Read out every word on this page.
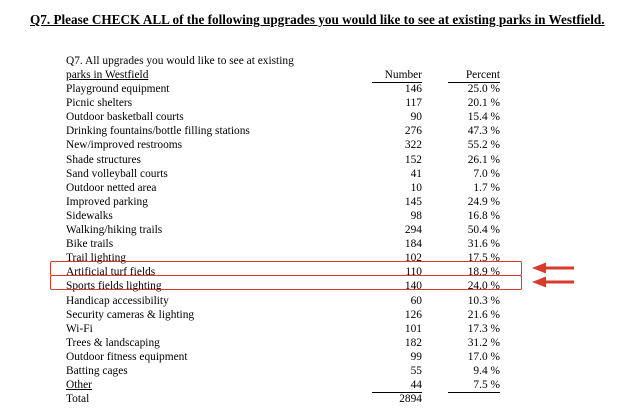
Q7. Please CHECK ALL of the following upgrades you would like to see at existing parks in Westfield.
Q7. All upgrades you would like to see at existing
parks in Westfield	Number	Percent
Playground equipment	146	25.0 %
Picnic shelters	117	20.1 %
Outdoor basketball courts	90	15.4 %
Drinking fountains/bottle filling stations	276	47.3 %
New/improved restrooms	322	55.2 %
Shade structures	152	26.1 %
Sand volleyball courts	41	7.0 %
Outdoor netted area	10	1.7 %
Improved parking	145	24.9 %
Sidewalks	98	16.8 %
Walking/hiking trails	294	50.4 %
Bike trails	184	31.6 %
Trail lighting	102	17.5 %
Artificial turf fields	110	18.9 %
Sports fields lighting	140	24.0 %
Handicap accessibility	60	10.3 %
Security cameras & lighting	126	21.6 %
Wi-Fi	101	17.3 %
Trees & landscaping	182	31.2 %
Outdoor fitness equipment	99	17.0 %
Batting cages	55	9.4 %
Other	44	7.5 %
Total	2894
